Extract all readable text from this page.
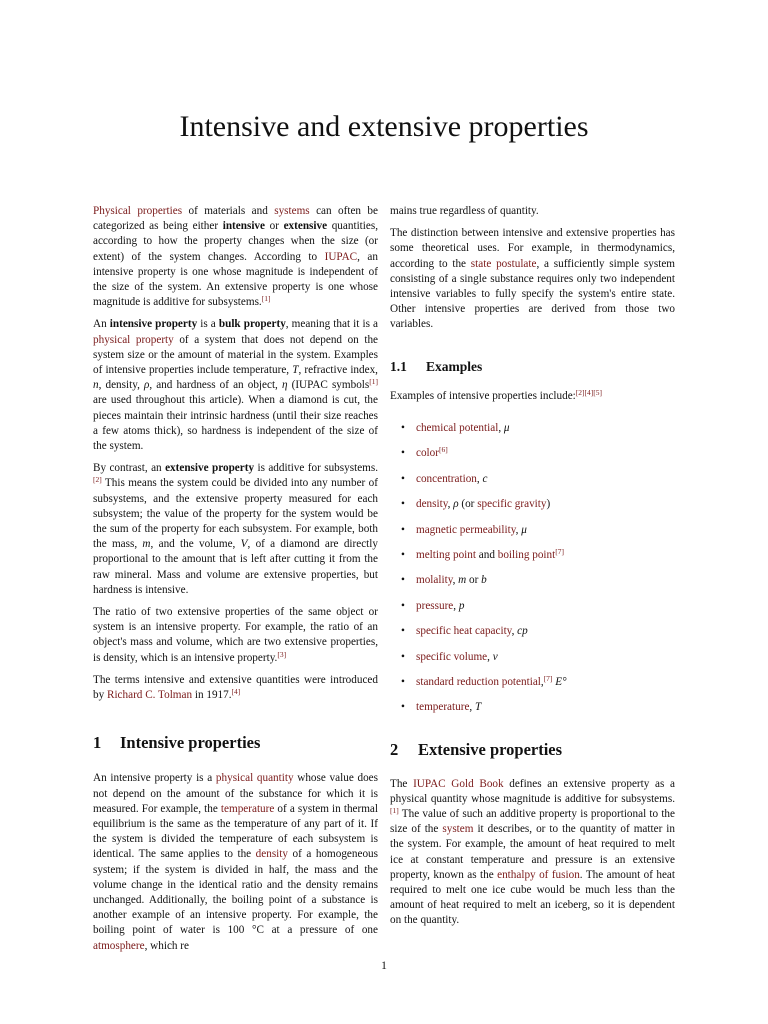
Intensive and extensive properties

Physical properties of materials and systems can often be categorized as being either intensive or extensive quantities, according to how the property changes when the size (or extent) of the system changes. According to IUPAC, an intensive property is one whose magnitude is independent of the size of the system. An extensive property is one whose magnitude is additive for subsystems.[1]

An intensive property is a bulk property, meaning that it is a physical property of a system that does not depend on the system size or the amount of material in the system. Examples of intensive properties include temperature, T, refractive index, n, density, ρ, and hardness of an object, η (IUPAC symbols[1] are used throughout this article). When a diamond is cut, the pieces maintain their intrinsic hardness (until their size reaches a few atoms thick), so hardness is independent of the size of the system.

By contrast, an extensive property is additive for subsystems.[2] This means the system could be divided into any number of subsystems, and the extensive property measured for each subsystem; the value of the property for the system would be the sum of the property for each subsystem. For example, both the mass, m, and the volume, V, of a diamond are directly proportional to the amount that is left after cutting it from the raw mineral. Mass and volume are extensive properties, but hardness is intensive.

The ratio of two extensive properties of the same object or system is an intensive property. For example, the ratio of an object's mass and volume, which are two extensive properties, is density, which is an intensive property.[3]

The terms intensive and extensive quantities were introduced by Richard C. Tolman in 1917.[4]

1	Intensive properties

An intensive property is a physical quantity whose value does not depend on the amount of the substance for which it is measured. For example, the temperature of a system in thermal equilibrium is the same as the temperature of any part of it. If the system is divided the temperature of each subsystem is identical. The same applies to the density of a homogeneous system; if the system is divided in half, the mass and the volume change in the identical ratio and the density remains unchanged. Additionally, the boiling point of a substance is another example of an intensive property. For example, the boiling point of water is 100 °C at a pressure of one atmosphere, which re

mains true regardless of quantity.

The distinction between intensive and extensive properties has some theoretical uses. For example, in thermodynamics, according to the state postulate, a sufficiently simple system consisting of a single substance requires only two independent intensive variables to fully specify the system's entire state. Other intensive properties are derived from those two variables.

1.1	Examples

Examples of intensive properties include:[2][4][5]

• chemical potential, μ
• color[6]
• concentration, c
• density, ρ (or specific gravity)
• magnetic permeability, μ
• melting point and boiling point[7]
• molality, m or b
• pressure, p
• specific heat capacity, cp
• specific volume, v
• standard reduction potential,[7] E°
• temperature, T
2	Extensive properties

The IUPAC Gold Book defines an extensive property as a physical quantity whose magnitude is additive for subsystems.[1] The value of such an additive property is proportional to the size of the system it describes, or to the quantity of matter in the system. For example, the amount of heat required to melt ice at constant temperature and pressure is an extensive property, known as the enthalpy of fusion. The amount of heat required to melt one ice cube would be much less than the amount of heat required to melt an iceberg, so it is dependent on the quantity.

1
